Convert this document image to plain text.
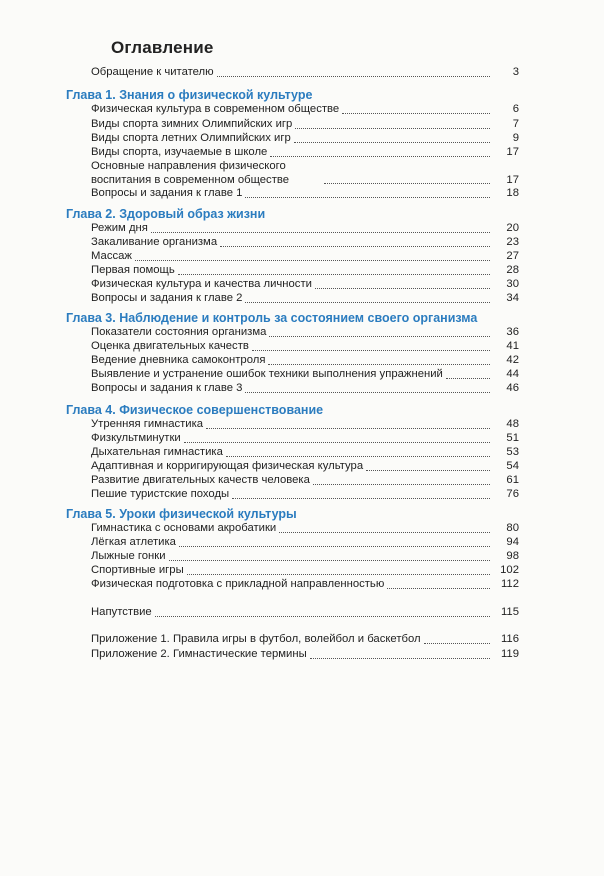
Оглавление
Обращение к читателю	3
Глава 1. Знания о физической культуре
Физическая культура в современном обществе	6
Виды спорта зимних Олимпийских игр	7
Виды спорта летних Олимпийских игр	9
Виды спорта, изучаемые в школе	17
Основные направления физического воспитания в современном обществе	17
Вопросы и задания к главе 1	18
Глава 2. Здоровый образ жизни
Режим дня	20
Закаливание организма	23
Массаж	27
Первая помощь	28
Физическая культура и качества личности	30
Вопросы и задания к главе 2	34
Глава 3. Наблюдение и контроль за состоянием своего организма
Показатели состояния организма	36
Оценка двигательных качеств	41
Ведение дневника самоконтроля	42
Выявление и устранение ошибок техники выполнения упражнений	44
Вопросы и задания к главе 3	46
Глава 4. Физическое совершенствование
Утренняя гимнастика	48
Физкультминутки	51
Дыхательная гимнастика	53
Адаптивная и корригирующая физическая культура	54
Развитие двигательных качеств человека	61
Пешие туристские походы	76
Глава 5. Уроки физической культуры
Гимнастика с основами акробатики	80
Лёгкая атлетика	94
Лыжные гонки	98
Спортивные игры	102
Физическая подготовка с прикладной направленностью	112
Напутствие	115
Приложение 1. Правила игры в футбол, волейбол и баскетбол	116
Приложение 2. Гимнастические термины	119
